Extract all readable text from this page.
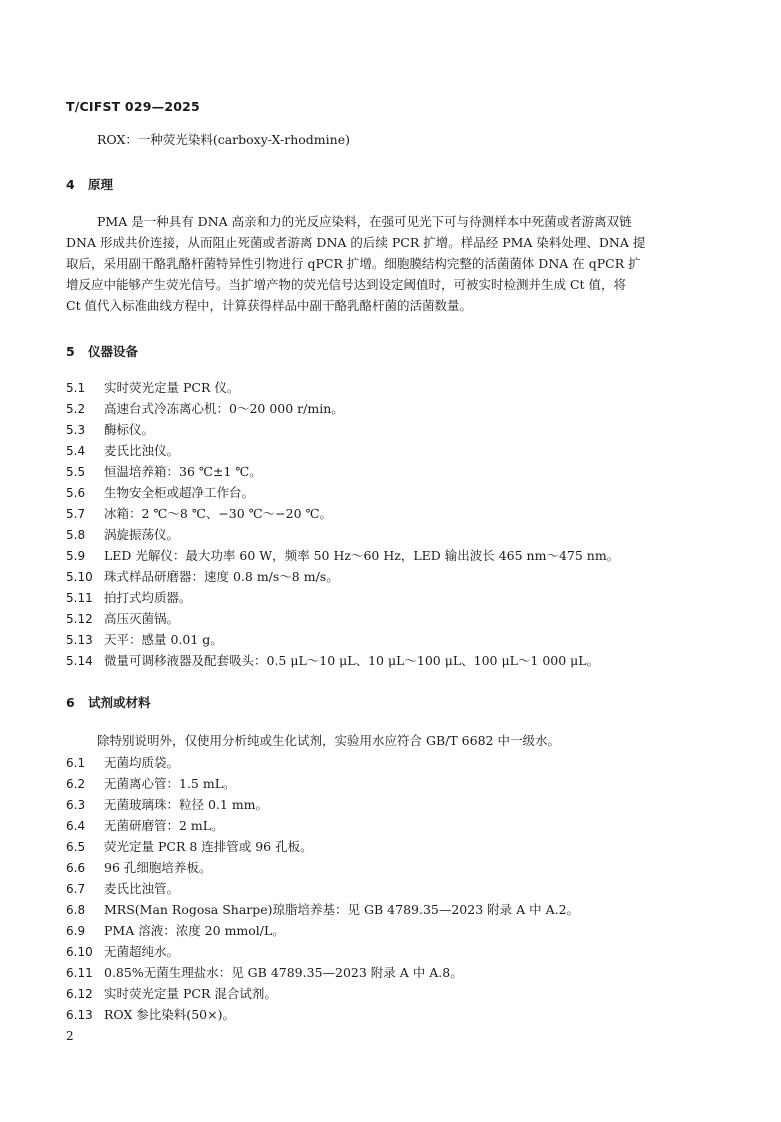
T/CIFST 029—2025
ROX：一种荧光染料(carboxy-X-rhodmine)
4 原理
PMA 是一种具有 DNA 高亲和力的光反应染料，在强可见光下可与待测样本中死菌或者游离双链
DNA 形成共价连接，从而阻止死菌或者游离 DNA 的后续 PCR 扩增。样品经 PMA 染料处理、DNA 提
取后，采用副干酪乳酪杆菌特异性引物进行 qPCR 扩增。细胞膜结构完整的活菌菌体 DNA 在 qPCR 扩
增反应中能够产生荧光信号。当扩增产物的荧光信号达到设定阈值时，可被实时检测并生成 Ct 值，将
Ct 值代入标准曲线方程中，计算获得样品中副干酪乳酪杆菌的活菌数量。
5 仪器设备
5.1 实时荧光定量 PCR 仪。
5.2 高速台式冷冻离心机：0～20 000 r/min。
5.3 酶标仪。
5.4 麦氏比浊仪。
5.5 恒温培养箱：36 ℃±1 ℃。
5.6 生物安全柜或超净工作台。
5.7 冰箱：2 ℃～8 ℃、−30 ℃～−20 ℃。
5.8 涡旋振荡仪。
5.9 LED 光解仪：最大功率 60 W，频率 50 Hz～60 Hz，LED 输出波长 465 nm～475 nm。
5.10 珠式样品研磨器：速度 0.8 m/s～8 m/s。
5.11 拍打式均质器。
5.12 高压灭菌锅。
5.13 天平：感量 0.01 g。
5.14 微量可调移液器及配套吸头：0.5 μL～10 μL、10 μL～100 μL、100 μL～1 000 μL。
6 试剂或材料
除特别说明外，仅使用分析纯或生化试剂，实验用水应符合 GB/T 6682 中一级水。
6.1 无菌均质袋。
6.2 无菌离心管：1.5 mL。
6.3 无菌玻璃珠：粒径 0.1 mm。
6.4 无菌研磨管：2 mL。
6.5 荧光定量 PCR 8 连排管或 96 孔板。
6.6 96 孔细胞培养板。
6.7 麦氏比浊管。
6.8 MRS(Man Rogosa Sharpe)琼脂培养基：见 GB 4789.35—2023 附录 A 中 A.2。
6.9 PMA 溶液：浓度 20 mmol/L。
6.10 无菌超纯水。
6.11 0.85%无菌生理盐水：见 GB 4789.35—2023 附录 A 中 A.8。
6.12 实时荧光定量 PCR 混合试剂。
6.13 ROX 参比染料(50×)。
2
